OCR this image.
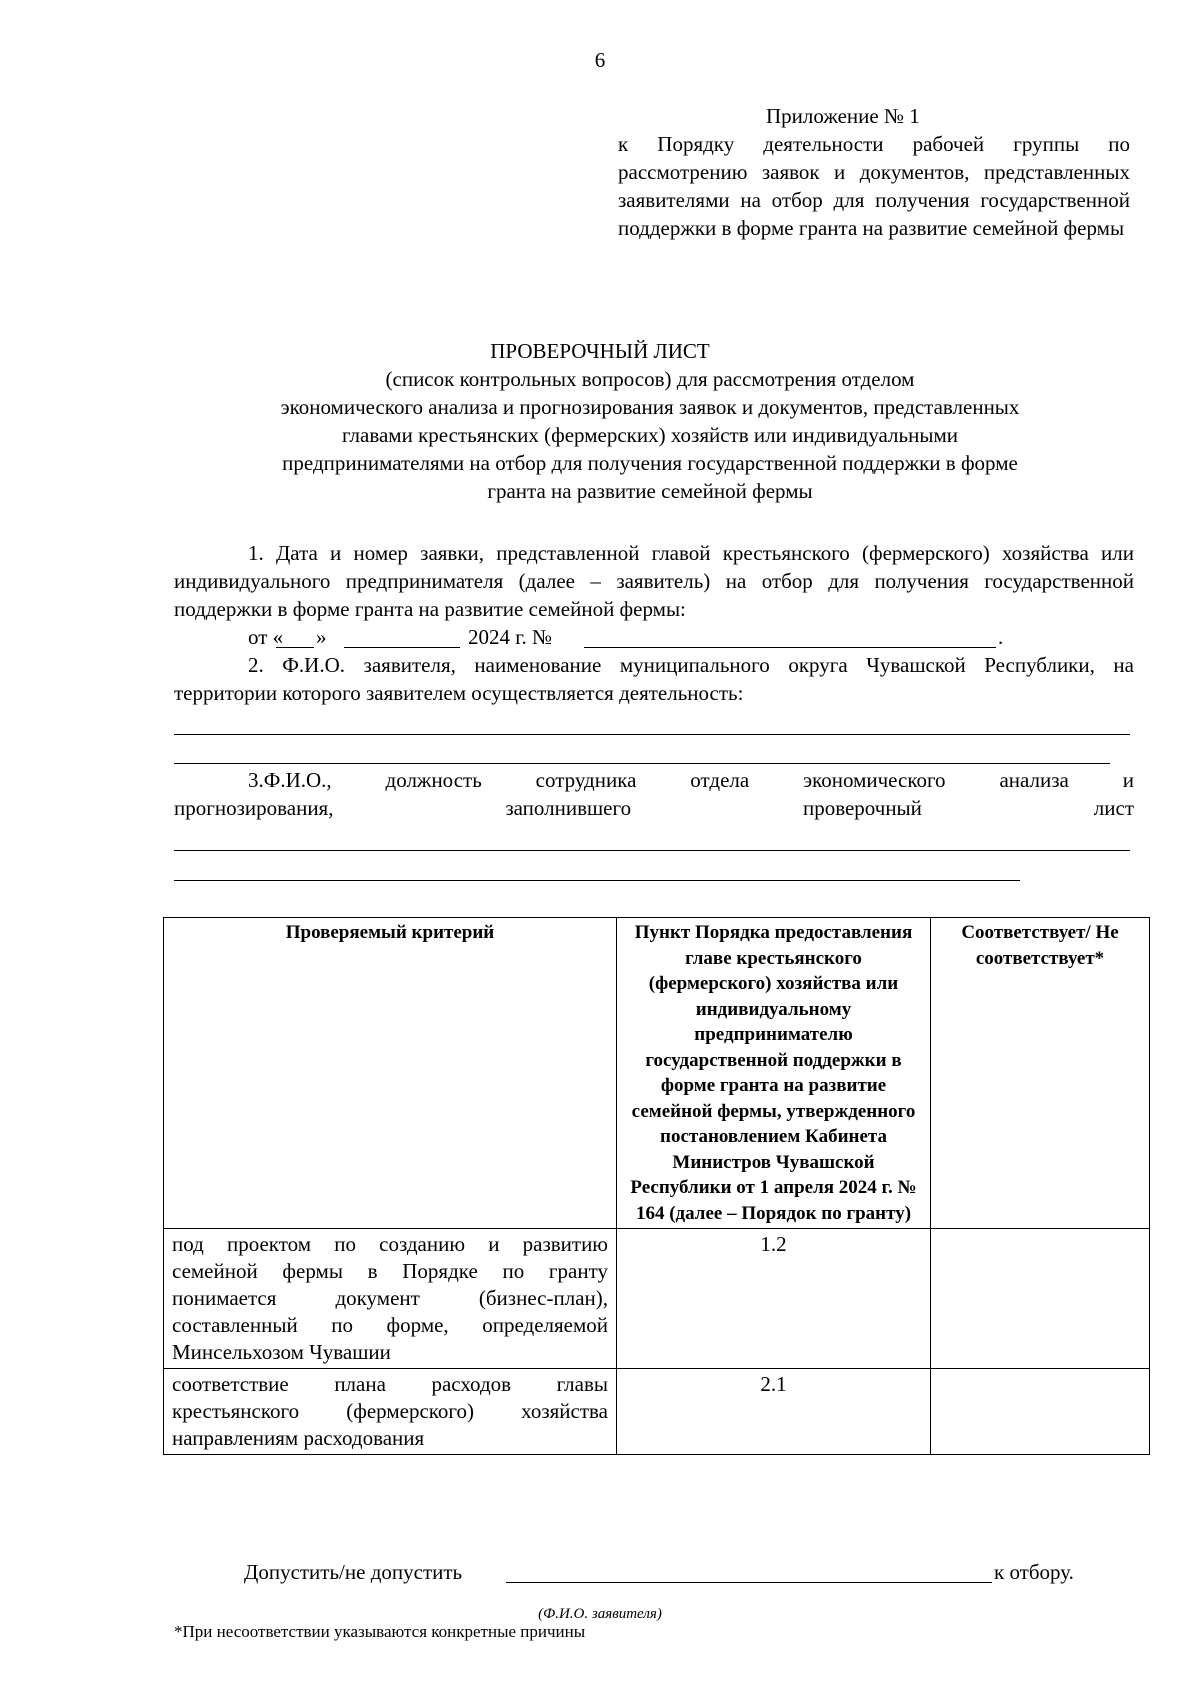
6
Приложение № 1
к Порядку деятельности рабочей группы по рассмотрению заявок и документов, представленных заявителями на отбор для получения государственной поддержки в форме гранта на развитие семейной фермы
ПРОВЕРОЧНЫЙ ЛИСТ
(список контрольных вопросов) для рассмотрения отделом
экономического анализа и прогнозирования заявок и документов, представленных
главами крестьянских (фермерских) хозяйств или индивидуальными
предпринимателями на отбор для получения государственной поддержки в форме
гранта на развитие семейной фермы
1. Дата и номер заявки, представленной главой крестьянского (фермерского) хозяйства или индивидуального предпринимателя (далее – заявитель) на отбор для получения государственной поддержки в форме гранта на развитие семейной фермы:
от « »	2024 г. №	.
2. Ф.И.О. заявителя, наименование муниципального округа Чувашской Республики, на территории которого заявителем осуществляется деятельность:
3.Ф.И.О.,	должность	сотрудника	отдела	экономического	анализа	и
прогнозирования,	заполнившего	проверочный	лист
Проверяемый критерий	Пункт Порядка предоставления главе крестьянского (фермерского) хозяйства или индивидуальному предпринимателю государственной поддержки в форме гранта на развитие семейной фермы, утвержденного постановлением Кабинета Министров Чувашской Республики от 1 апреля 2024 г. № 164 (далее – Порядок по гранту)	Соответствует/ Не соответствует*
под проектом по созданию и развитию семейной фермы в Порядке по гранту понимается документ (бизнес-план), составленный по форме, определяемой Минсельхозом Чувашии	1.2	
соответствие плана расходов главы крестьянского (фермерского) хозяйства направлениям расходования	2.1	
Допустить/не допустить	к отбору.
(Ф.И.О. заявителя)
*При несоответствии указываются конкретные причины
